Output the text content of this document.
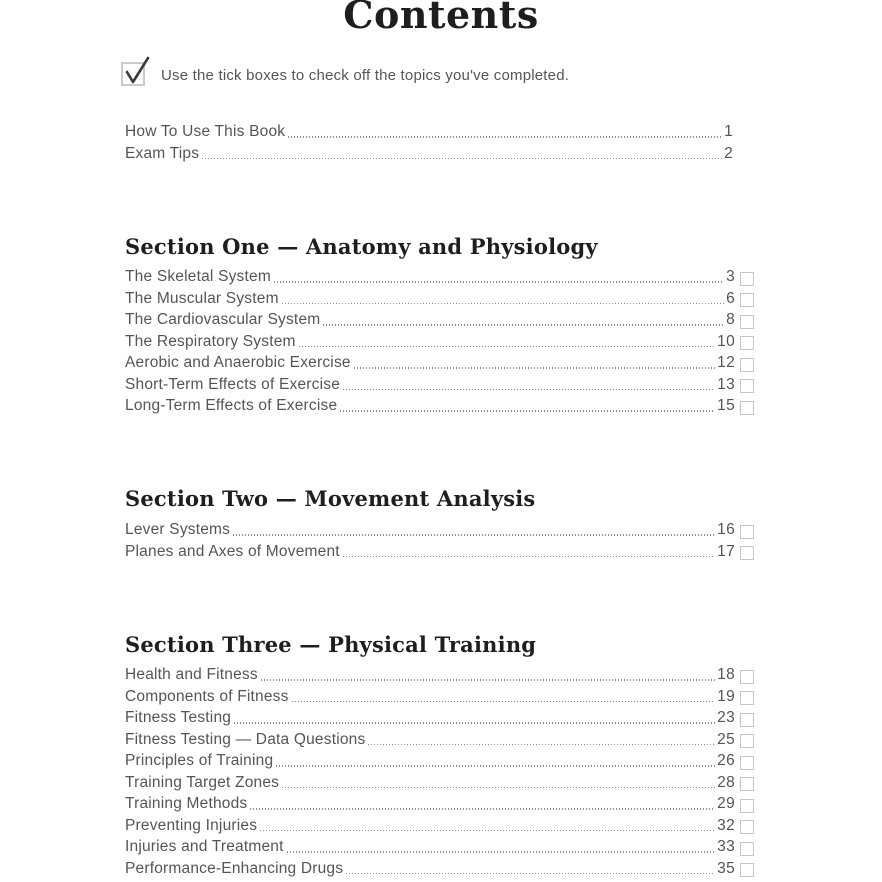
Contents
Use the tick boxes to check off the topics you've completed.
How To Use This Book	1
Exam Tips	2
Section One — Anatomy and Physiology
The Skeletal System	3
The Muscular System	6
The Cardiovascular System	8
The Respiratory System	10
Aerobic and Anaerobic Exercise	12
Short-Term Effects of Exercise	13
Long-Term Effects of Exercise	15
Section Two — Movement Analysis
Lever Systems	16
Planes and Axes of Movement	17
Section Three — Physical Training
Health and Fitness	18
Components of Fitness	19
Fitness Testing	23
Fitness Testing — Data Questions	25
Principles of Training	26
Training Target Zones	28
Training Methods	29
Preventing Injuries	32
Injuries and Treatment	33
Performance-Enhancing Drugs	35
